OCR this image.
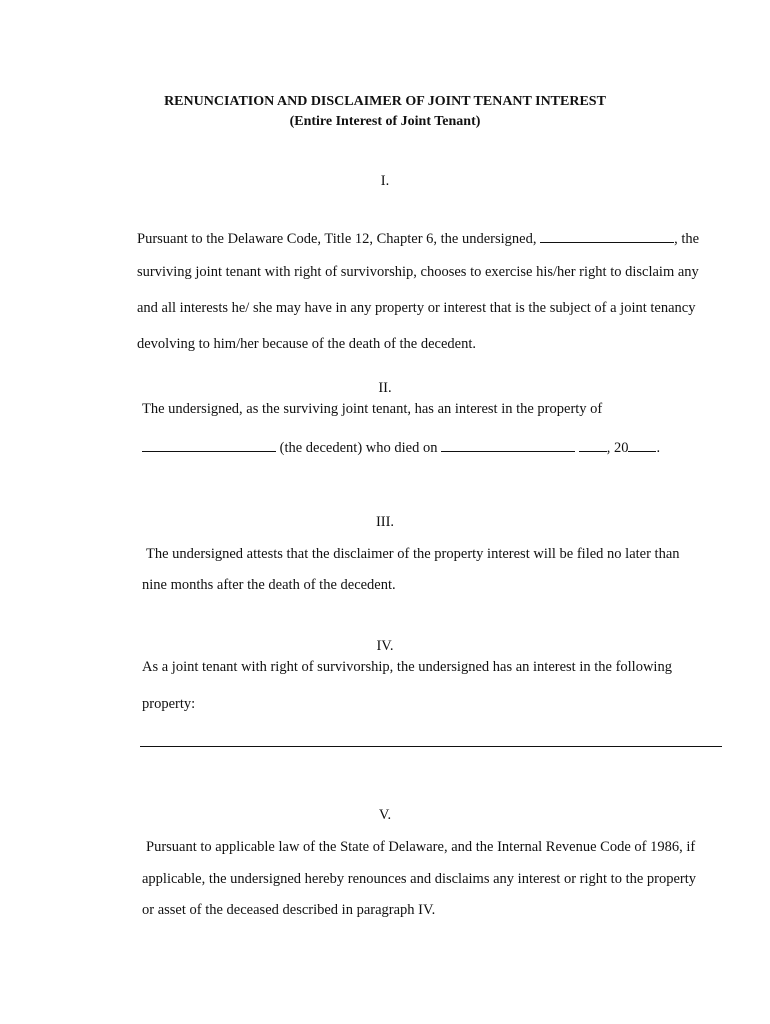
RENUNCIATION AND DISCLAIMER OF JOINT TENANT INTEREST
(Entire Interest of Joint Tenant)
I.
Pursuant to the Delaware Code, Title 12, Chapter 6, the undersigned,	, the
surviving joint tenant with right of survivorship, chooses to exercise his/her right to disclaim any
and all interests he/ she may have in any property or interest that is the subject of a joint tenancy
devolving to him/her because of the death of the decedent.
II.
The undersigned, as the surviving joint tenant, has an interest in the property of
(the decedent) who died on	, 20 .
III.
The undersigned attests that the disclaimer of the property interest will be filed no later than
nine months after the death of the decedent.
IV.
As a joint tenant with right of survivorship, the undersigned has an interest in the following
property:
V.
Pursuant to applicable law of the State of Delaware, and the Internal Revenue Code of 1986, if
applicable, the undersigned hereby renounces and disclaims any interest or right to the property
or asset of the deceased described in paragraph IV.
